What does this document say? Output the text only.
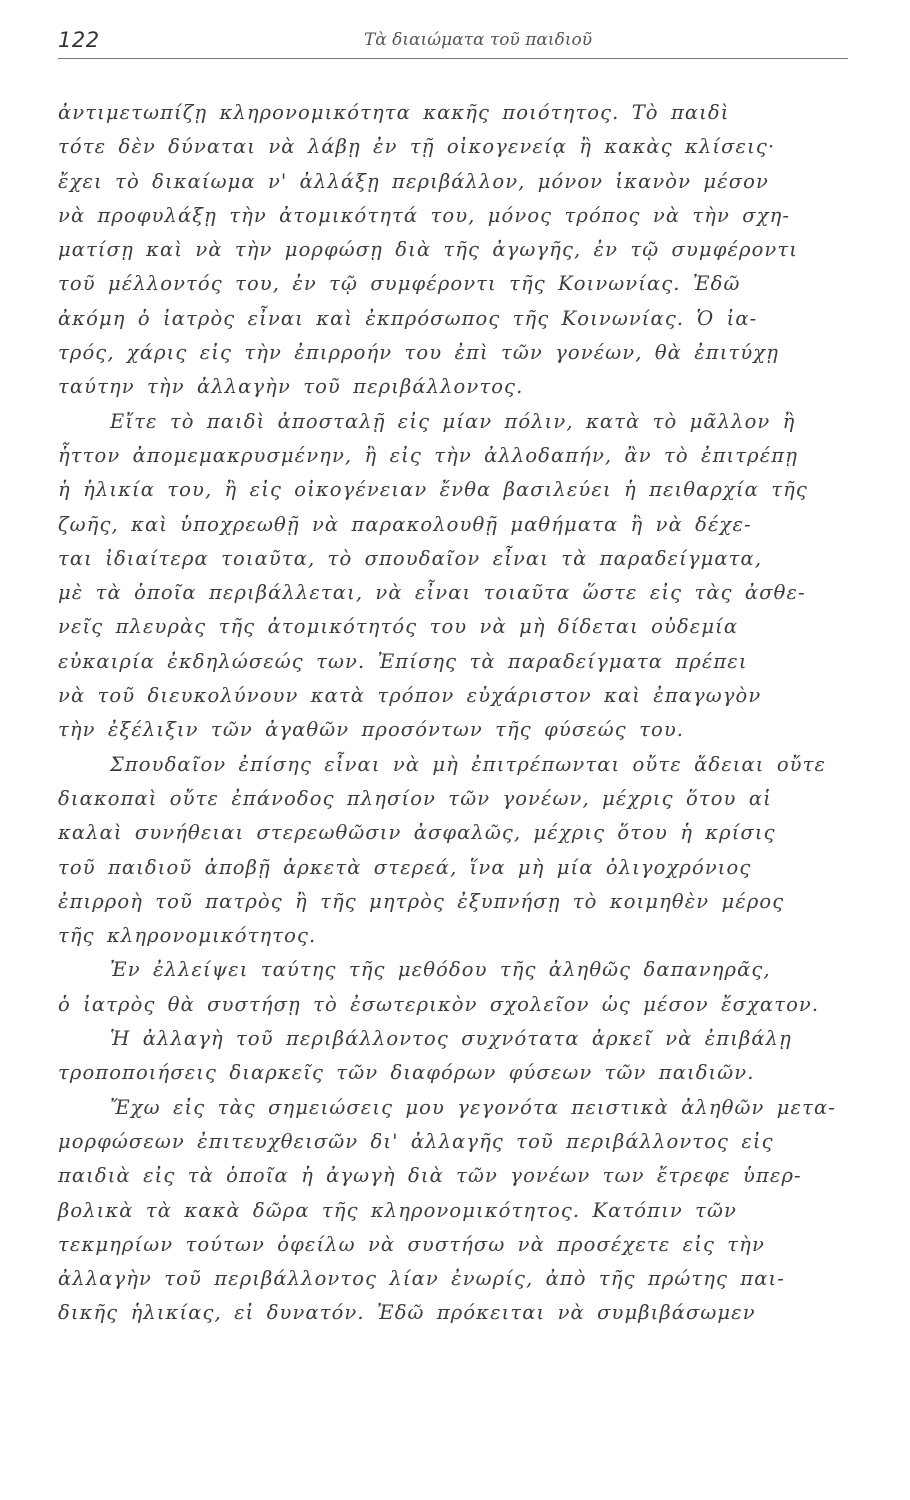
122	Τὰ διαιώματα τοῦ παιδιοῦ
ἀντιμετωπίζῃ κληρονομικότητα κακῆς ποιότητος. Τὸ παιδὶ
τότε δὲν δύναται νὰ λάβῃ ἐν τῇ οἰκογενείᾳ ἢ κακὰς κλίσεις·
ἔχει τὸ δικαίωμα ν' ἀλλάξῃ περιβάλλον, μόνον ἱκανὸν μέσον
νὰ προφυλάξῃ τὴν ἀτομικότητά του, μόνος τρόπος νὰ τὴν σχη-
ματίσῃ καὶ νὰ τὴν μορφώσῃ διὰ τῆς ἀγωγῆς, ἐν τῷ συμφέροντι
τοῦ μέλλοντός του, ἐν τῷ συμφέροντι τῆς Κοινωνίας. Ἐδῶ
ἀκόμη ὁ ἰατρὸς εἶναι καὶ ἐκπρόσωπος τῆς Κοινωνίας. Ὁ ἰα-
τρός, χάρις εἰς τὴν ἐπιρροήν του ἐπὶ τῶν γονέων, θὰ ἐπιτύχῃ
ταύτην τὴν ἀλλαγὴν τοῦ περιβάλλοντος.
Εἴτε τὸ παιδὶ ἀποσταλῇ εἰς μίαν πόλιν, κατὰ τὸ μᾶλλον ἢ
ἧττον ἀπομεμακρυσμένην, ἢ εἰς τὴν ἀλλοδαπήν, ἂν τὸ ἐπιτρέπῃ
ἡ ἡλικία του, ἢ εἰς οἰκογένειαν ἔνθα βασιλεύει ἡ πειθαρχία τῆς
ζωῆς, καὶ ὑποχρεωθῇ νὰ παρακολουθῇ μαθήματα ἢ νὰ δέχε-
ται ἰδιαίτερα τοιαῦτα, τὸ σπουδαῖον εἶναι τὰ παραδείγματα,
μὲ τὰ ὁποῖα περιβάλλεται, νὰ εἶναι τοιαῦτα ὥστε εἰς τὰς ἀσθε-
νεῖς πλευρὰς τῆς ἀτομικότητός του νὰ μὴ δίδεται οὐδεμία
εὐκαιρία ἐκδηλώσεώς των. Ἐπίσης τὰ παραδείγματα πρέπει
νὰ τοῦ διευκολύνουν κατὰ τρόπον εὐχάριστον καὶ ἐπαγωγὸν
τὴν ἐξέλιξιν τῶν ἀγαθῶν προσόντων τῆς φύσεώς του.
Σπουδαῖον ἐπίσης εἶναι νὰ μὴ ἐπιτρέπωνται οὔτε ἄδειαι οὔτε
διακοπαὶ οὔτε ἐπάνοδος πλησίον τῶν γονέων, μέχρις ὅτου αἱ
καλαὶ συνήθειαι στερεωθῶσιν ἀσφαλῶς, μέχρις ὅτου ἡ κρίσις
τοῦ παιδιοῦ ἀποβῇ ἀρκετὰ στερεά, ἵνα μὴ μία ὀλιγοχρόνιος
ἐπιρροὴ τοῦ πατρὸς ἢ τῆς μητρὸς ἐξυπνήσῃ τὸ κοιμηθὲν μέρος
τῆς κληρονομικότητος.
Ἐν ἐλλείψει ταύτης τῆς μεθόδου τῆς ἀληθῶς δαπανηρᾶς,
ὁ ἰατρὸς θὰ συστήσῃ τὸ ἐσωτερικὸν σχολεῖον ὡς μέσον ἔσχατον.
Ἡ ἀλλαγὴ τοῦ περιβάλλοντος συχνότατα ἀρκεῖ νὰ ἐπιβάλῃ
τροποποιήσεις διαρκεῖς τῶν διαφόρων φύσεων τῶν παιδιῶν.
Ἔχω εἰς τὰς σημειώσεις μου γεγονότα πειστικὰ ἀληθῶν μετα-
μορφώσεων ἐπιτευχθεισῶν δι' ἀλλαγῆς τοῦ περιβάλλοντος εἰς
παιδιὰ εἰς τὰ ὁποῖα ἡ ἀγωγὴ διὰ τῶν γονέων των ἔτρεφε ὑπερ-
βολικὰ τὰ κακὰ δῶρα τῆς κληρονομικότητος. Κατόπιν τῶν
τεκμηρίων τούτων ὀφείλω νὰ συστήσω νὰ προσέχετε εἰς τὴν
ἀλλαγὴν τοῦ περιβάλλοντος λίαν ἐνωρίς, ἀπὸ τῆς πρώτης παι-
δικῆς ἡλικίας, εἰ δυνατόν. Ἐδῶ πρόκειται νὰ συμβιβάσωμεν
